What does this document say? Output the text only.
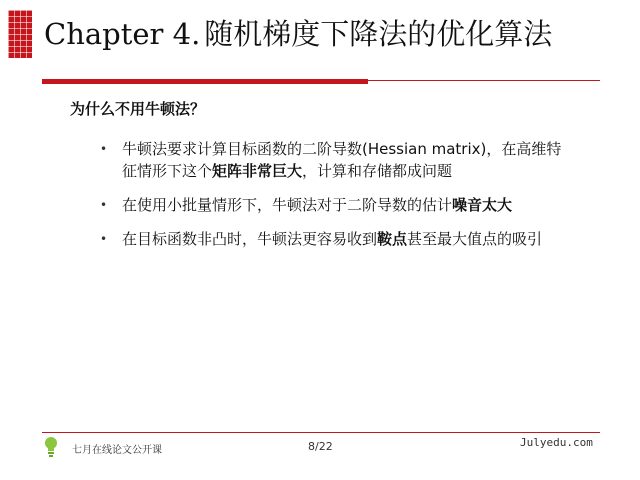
Chapter 4. 随机梯度下降法的优化算法
为什么不用牛顿法？
• 牛顿法要求计算目标函数的二阶导数(Hessian matrix)，在高维特
征情形下这个矩阵非常巨大，计算和存储都成问题
• 在使用小批量情形下，牛顿法对于二阶导数的估计噪音太大
• 在目标函数非凸时，牛顿法更容易收到鞍点甚至最大值点的吸引
七月在线论文公开课	8/22	Julyedu.com
